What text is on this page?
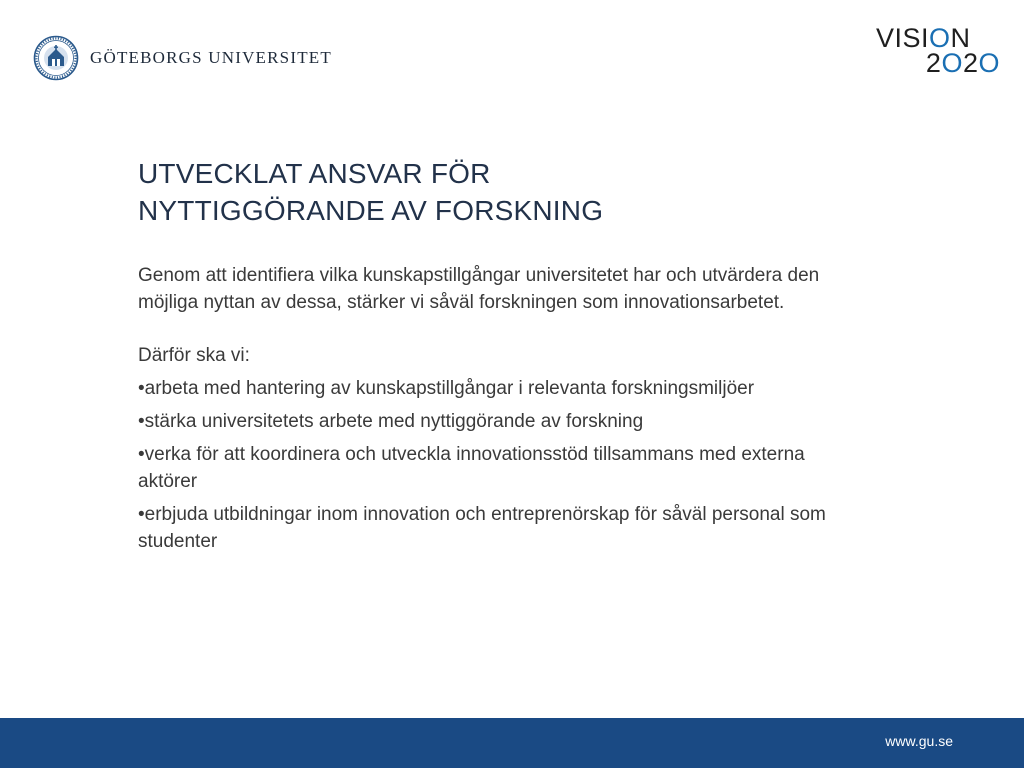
GÖTEBORGS UNIVERSITET
VISION
2O2O
UTVECKLAT ANSVAR FÖR
NYTTIGGÖRANDE AV FORSKNING

Genom att identifiera vilka kunskapstillgångar universitetet har och utvärdera den möjliga nyttan av dessa, stärker vi såväl forskningen som innovationsarbetet.

Därför ska vi:

•arbeta med hantering av kunskapstillgångar i relevanta forskningsmiljöer
•stärka universitetets arbete med nyttiggörande av forskning
•verka för att koordinera och utveckla innovationsstöd tillsammans med externa aktörer
•erbjuda utbildningar inom innovation och entreprenörskap för såväl personal som studenter
www.gu.se
